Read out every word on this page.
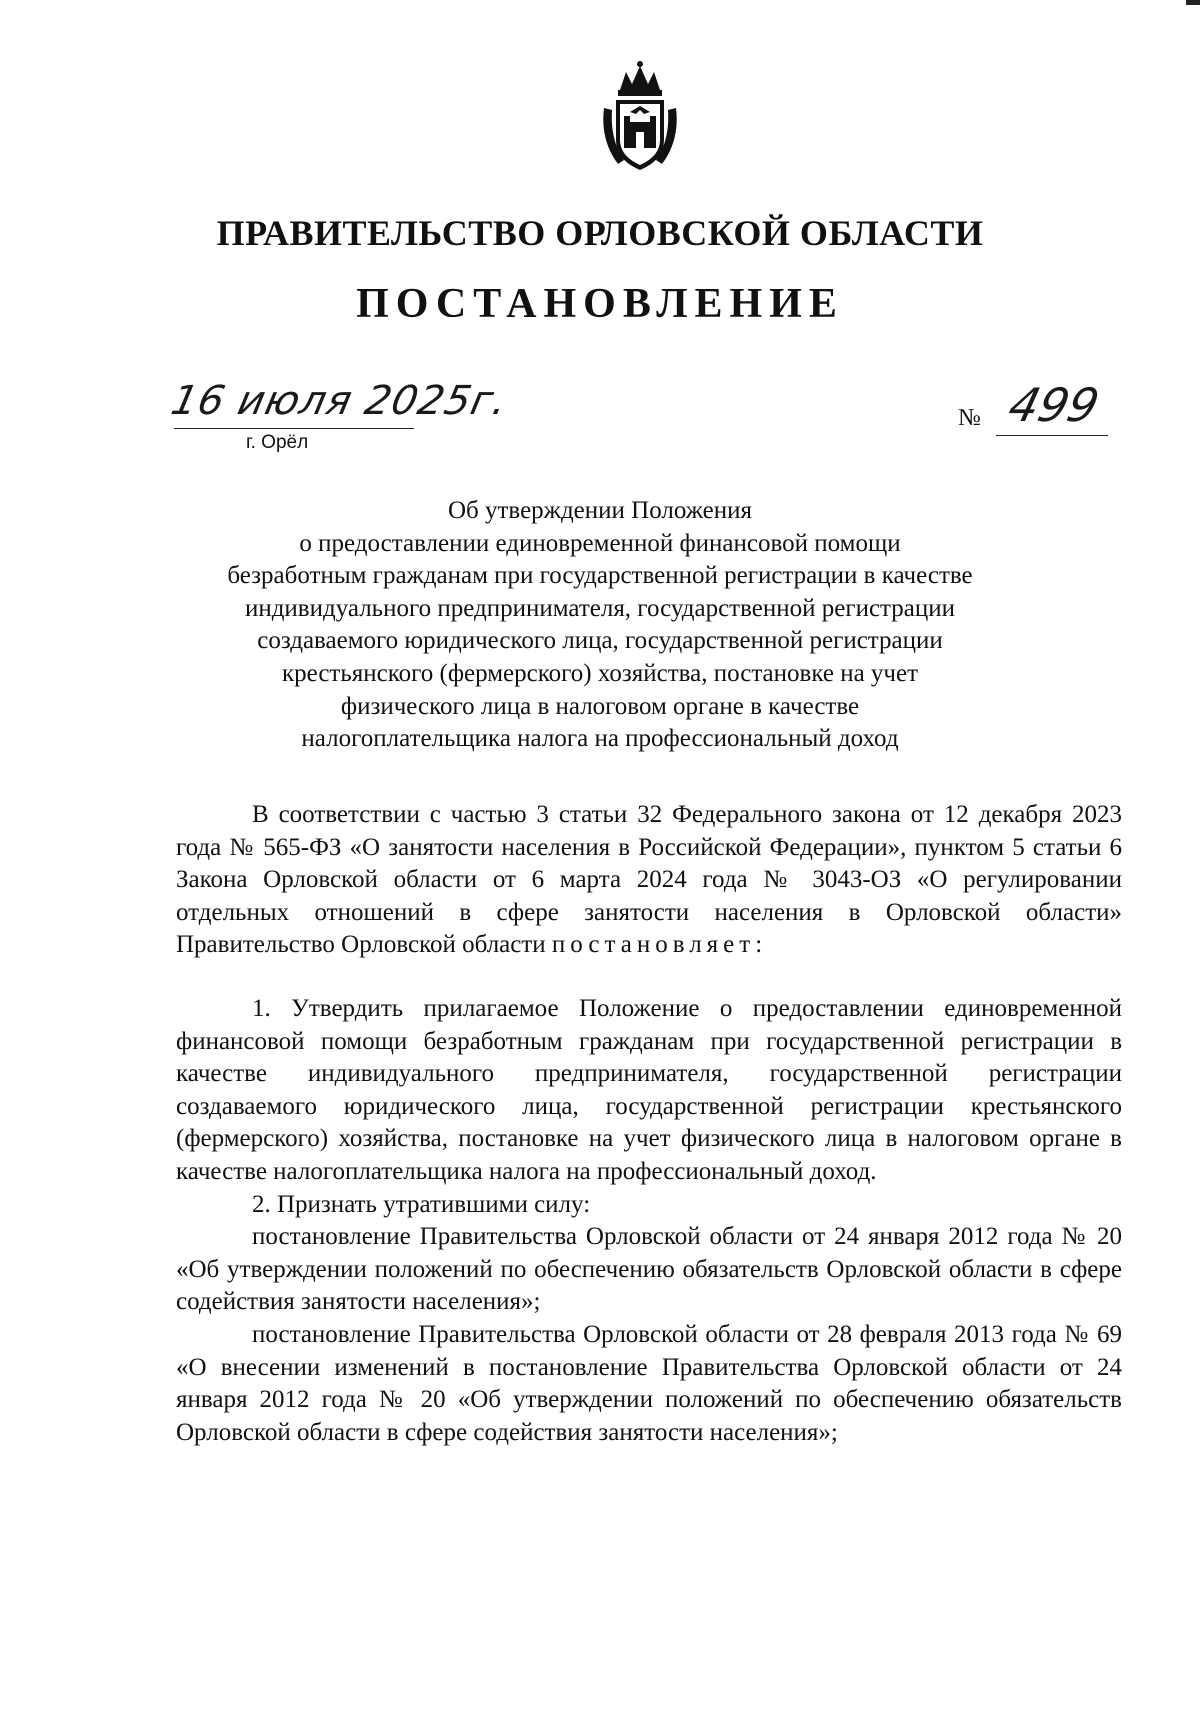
ПРАВИТЕЛЬСТВО ОРЛОВСКОЙ ОБЛАСТИ
ПОСТАНОВЛЕНИЕ
16 июля 2025г.
г. Орёл
№ 499
Об утверждении Положения
о предоставлении единовременной финансовой помощи
безработным гражданам при государственной регистрации в качестве
индивидуального предпринимателя, государственной регистрации
создаваемого юридического лица, государственной регистрации
крестьянского (фермерского) хозяйства, постановке на учет
физического лица в налоговом органе в качестве
налогоплательщика налога на профессиональный доход

В соответствии с частью 3 статьи 32 Федерального закона от 12 декабря 2023 года № 565-ФЗ «О занятости населения в Российской Федерации», пунктом 5 статьи 6 Закона Орловской области от 6 марта 2024 года № 3043-ОЗ «О регулировании отдельных отношений в сфере занятости населения в Орловской области» Правительство Орловской области постановляет:

1. Утвердить прилагаемое Положение о предоставлении единовременной финансовой помощи безработным гражданам при государственной регистрации в качестве индивидуального предпринимателя, государственной регистрации создаваемого юридического лица, государственной регистрации крестьянского (фермерского) хозяйства, постановке на учет физического лица в налоговом органе в качестве налогоплательщика налога на профессиональный доход.

2. Признать утратившими силу:

постановление Правительства Орловской области от 24 января 2012 года № 20 «Об утверждении положений по обеспечению обязательств Орловской области в сфере содействия занятости населения»;

постановление Правительства Орловской области от 28 февраля 2013 года № 69 «О внесении изменений в постановление Правительства Орловской области от 24 января 2012 года № 20 «Об утверждении положений по обеспечению обязательств Орловской области в сфере содействия занятости населения»;
